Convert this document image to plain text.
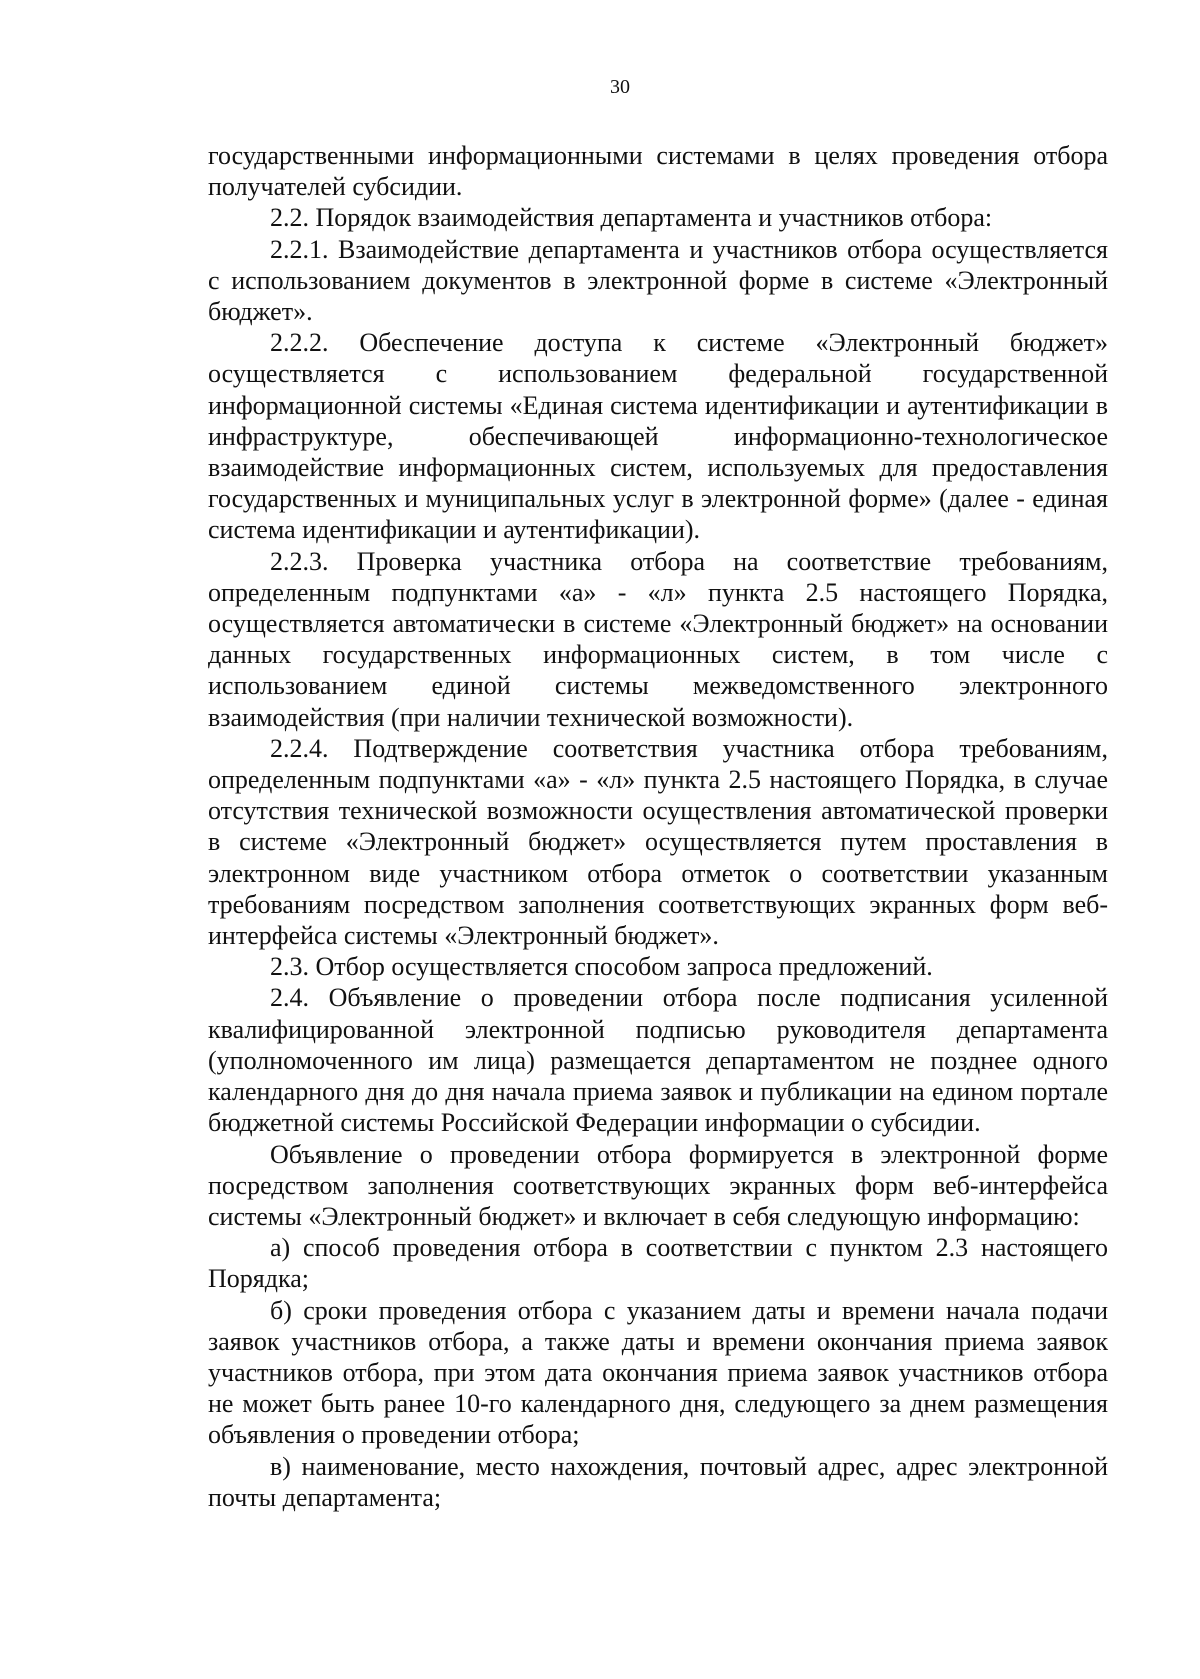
30

государственными информационными системами в целях проведения отбора получателей субсидии.

2.2. Порядок взаимодействия департамента и участников отбора:

2.2.1. Взаимодействие департамента и участников отбора осуществляется с использованием документов в электронной форме в системе «Электронный бюджет».

2.2.2. Обеспечение доступа к системе «Электронный бюджет» осуществляется с использованием федеральной государственной информационной системы «Единая система идентификации и аутентификации в инфраструктуре, обеспечивающей информационно-технологическое взаимодействие информационных систем, используемых для предоставления государственных и муниципальных услуг в электронной форме» (далее - единая система идентификации и аутентификации).

2.2.3. Проверка участника отбора на соответствие требованиям, определенным подпунктами «а» - «л» пункта 2.5 настоящего Порядка, осуществляется автоматически в системе «Электронный бюджет» на основании данных государственных информационных систем, в том числе с использованием единой системы межведомственного электронного взаимодействия (при наличии технической возможности).

2.2.4. Подтверждение соответствия участника отбора требованиям, определенным подпунктами «а» - «л» пункта 2.5 настоящего Порядка, в случае отсутствия технической возможности осуществления автоматической проверки в системе «Электронный бюджет» осуществляется путем проставления в электронном виде участником отбора отметок о соответствии указанным требованиям посредством заполнения соответствующих экранных форм веб-интерфейса системы «Электронный бюджет».

2.3. Отбор осуществляется способом запроса предложений.

2.4. Объявление о проведении отбора после подписания усиленной квалифицированной электронной подписью руководителя департамента (уполномоченного им лица) размещается департаментом не позднее одного календарного дня до дня начала приема заявок и публикации на едином портале бюджетной системы Российской Федерации информации о субсидии.

Объявление о проведении отбора формируется в электронной форме посредством заполнения соответствующих экранных форм веб-интерфейса системы «Электронный бюджет» и включает в себя следующую информацию:

а) способ проведения отбора в соответствии с пунктом 2.3 настоящего Порядка;

б) сроки проведения отбора с указанием даты и времени начала подачи заявок участников отбора, а также даты и времени окончания приема заявок участников отбора, при этом дата окончания приема заявок участников отбора не может быть ранее 10-го календарного дня, следующего за днем размещения объявления о проведении отбора;

в) наименование, место нахождения, почтовый адрес, адрес электронной почты департамента;
